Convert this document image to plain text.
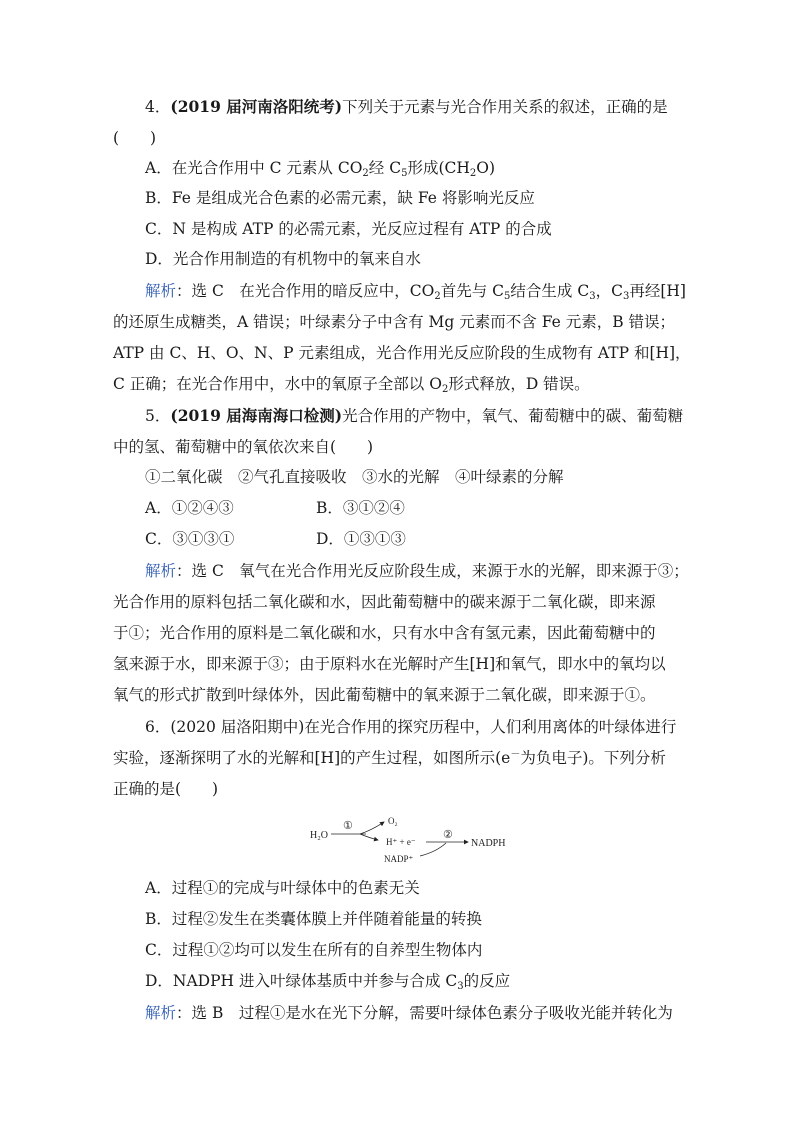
4．(2019 届河南洛阳统考)下列关于元素与光合作用关系的叙述，正确的是
(　　)
A．在光合作用中 C 元素从 $CO_2$经 $C_5$形成$(CH_2O)$
B．Fe 是组成光合色素的必需元素，缺 Fe 将影响光反应
C．N 是构成 ATP 的必需元素，光反应过程有 ATP 的合成
D．光合作用制造的有机物中的氧来自水
解析：选 C　在光合作用的暗反应中，$CO_2$首先与 $C_5$结合生成 $C_3$，$C_3$再经[H]
的还原生成糖类，A 错误；叶绿素分子中含有 Mg 元素而不含 Fe 元素，B 错误；
ATP 由 C、H、O、N、P 元素组成，光合作用光反应阶段的生成物有 ATP 和[H]，
C 正确；在光合作用中，水中的氧原子全部以 $O_2$形式释放，D 错误。
5．(2019 届海南海口检测)光合作用的产物中，氧气、葡萄糖中的碳、葡萄糖
中的氢、葡萄糖中的氧依次来自(　　)
①二氧化碳　②气孔直接吸收　③水的光解　④叶绿素的分解
A．①②④③	B．③①②④
C．③①③①	D．①③①③
解析：选 C　氧气在光合作用光反应阶段生成，来源于水的光解，即来源于③；
光合作用的原料包括二氧化碳和水，因此葡萄糖中的碳来源于二氧化碳，即来源
于①；光合作用的原料是二氧化碳和水，只有水中含有氢元素，因此葡萄糖中的
氢来源于水，即来源于③；由于原料水在光解时产生[H]和氧气，即水中的氧均以
氧气的形式扩散到叶绿体外，因此葡萄糖中的氧来源于二氧化碳，即来源于①。
6．(2020 届洛阳期中)在光合作用的探究历程中，人们利用离体的叶绿体进行
实验，逐渐探明了水的光解和[H]的产生过程，如图所示(e－为负电子)。下列分析
正确的是(　　)
H₂O
①	O₂
H⁺ + e⁻
②
NADP⁺
NADPH
A．过程①的完成与叶绿体中的色素无关
B．过程②发生在类囊体膜上并伴随着能量的转换
C．过程①②均可以发生在所有的自养型生物体内
D．NADPH 进入叶绿体基质中并参与合成 $C_3$的反应
解析：选 B　过程①是水在光下分解，需要叶绿体色素分子吸收光能并转化为
